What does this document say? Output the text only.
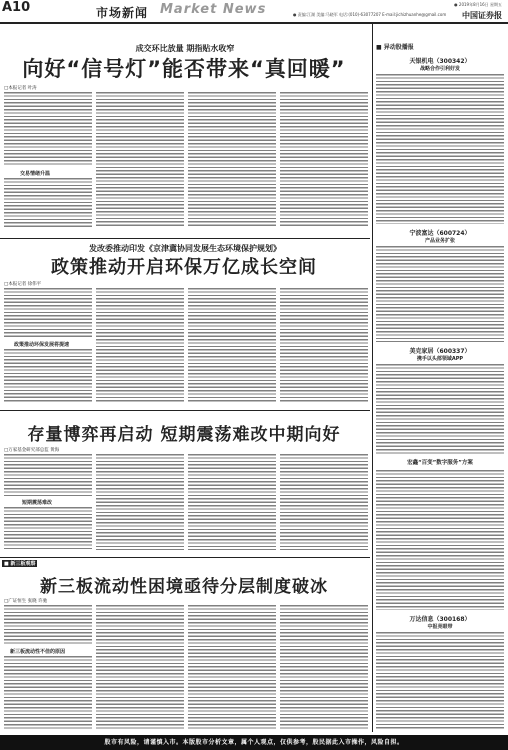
A10	市场新闻 Market News	● 2019年8月16日 星期五
● 责编:江湖 美编:马晓军 电话:(010)-63077207 E-mail:jichizhuanhe@gmail.com 中国证券报
成交环比放量 期指贴水收窄
向好“信号灯”能否带来“真回暖”
□本报记者 叶涛
交易情绪升温
发改委推动印发《京津冀协同发展生态环境保护规划》
政策推动开启环保万亿成长空间
□本报记者 徐伟平
政策推动环保发展将提速
存量博弈再启动 短期震荡难改中期向好
□万家基金研究部总监 黄海
短期震荡难改
■ 新三板观察
新三板流动性困境亟待分层制度破冰
□广证恒生 张晓 许驰
新三板流动性不佳的原因
■ 异动股播报
天银机电（300342）
战略合作引利好发
宁波富达（600724）
产品业务扩张
美克家居（600337）
携手以头部领域APP
宏鑫“百变”数字服务”方案
万达信息（300168）
中报亮眼带
股市有风险，请谨慎入市。本版股市分析文章，属个人观点，仅供参考，股民据此入市操作，风险自担。
